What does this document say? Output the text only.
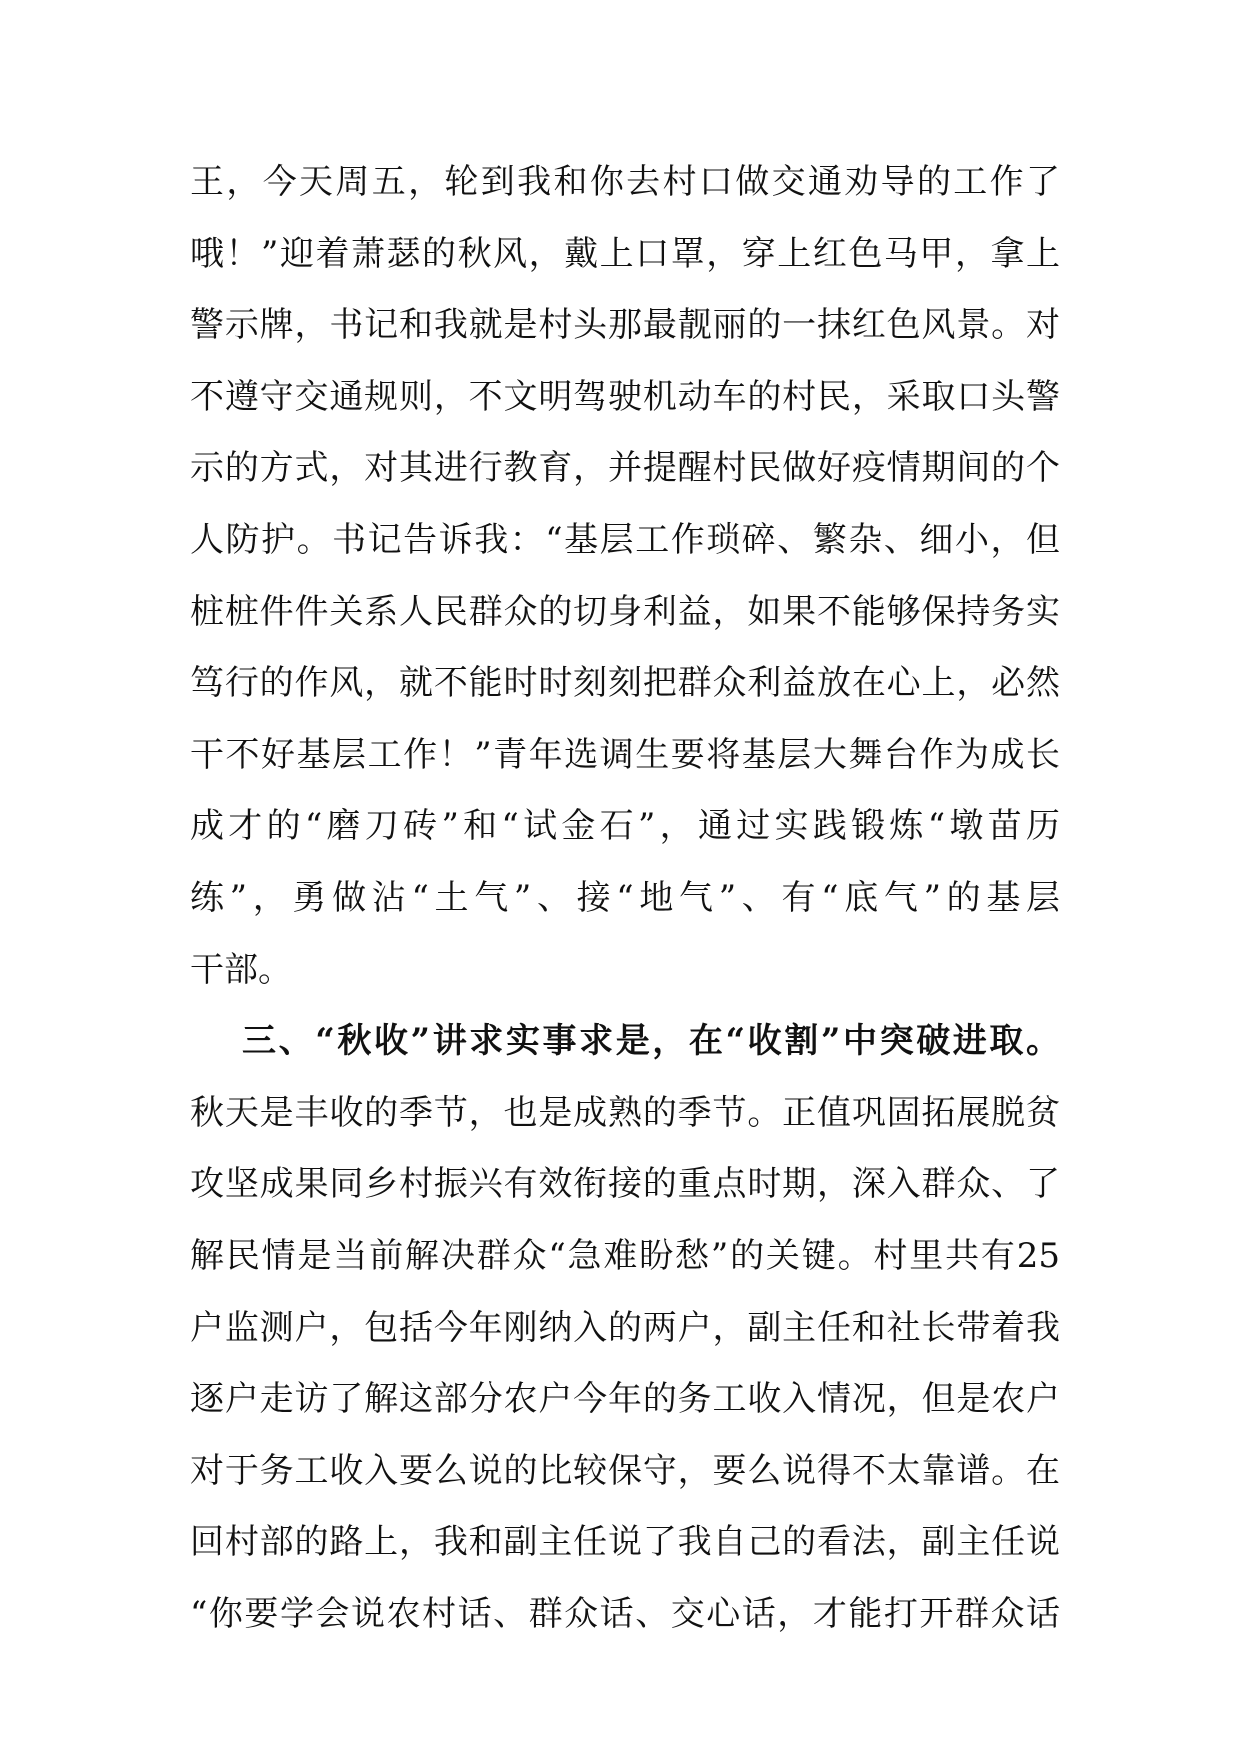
王，今天周五，轮到我和你去村口做交通劝导的工作了
哦！”迎着萧瑟的秋风，戴上口罩，穿上红色马甲，拿上
警示牌，书记和我就是村头那最靓丽的一抹红色风景。对
不遵守交通规则，不文明驾驶机动车的村民，采取口头警
示的方式，对其进行教育，并提醒村民做好疫情期间的个
人防护。书记告诉我：“基层工作琐碎、繁杂、细小，但
桩桩件件关系人民群众的切身利益，如果不能够保持务实
笃行的作风，就不能时时刻刻把群众利益放在心上，必然
干不好基层工作！”青年选调生要将基层大舞台作为成长
成才的“磨刀砖”和“试金石”，通过实践锻炼“墩苗历
练”，勇做沾“土气”、接“地气”、有“底气”的基层
干部。
三、“秋收”讲求实事求是，在“收割”中突破进取。
秋天是丰收的季节，也是成熟的季节。正值巩固拓展脱贫
攻坚成果同乡村振兴有效衔接的重点时期，深入群众、了
解民情是当前解决群众“急难盼愁”的关键。村里共有25
户监测户，包括今年刚纳入的两户，副主任和社长带着我
逐户走访了解这部分农户今年的务工收入情况，但是农户
对于务工收入要么说的比较保守，要么说得不太靠谱。在
回村部的路上，我和副主任说了我自己的看法，副主任说
“你要学会说农村话、群众话、交心话，才能打开群众话
